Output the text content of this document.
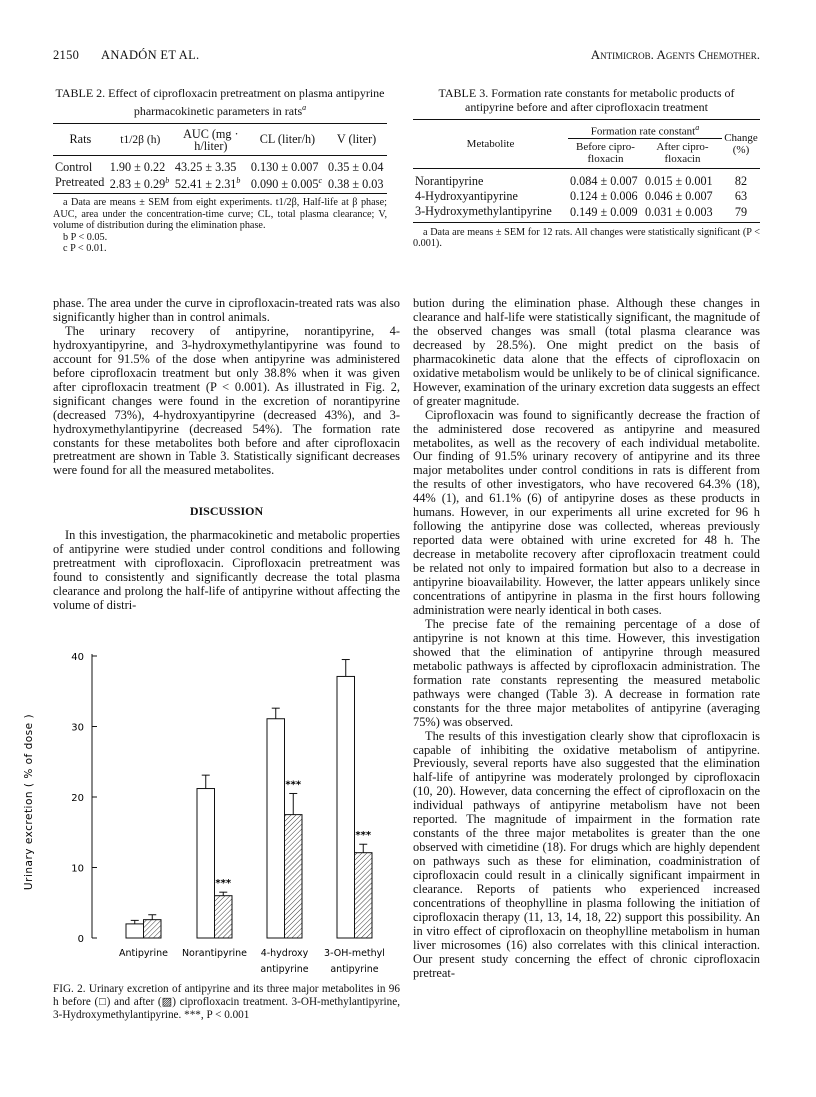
2150 ANADÓN ET AL.	Antimicrob. Agents Chemother.
TABLE 2. Effect of ciprofloxacin pretreatment on plasma antipyrine pharmacokinetic parameters in rats$^a$
Rats	t1/2β (h)	AUC (mg · h/liter)	CL (liter/h)	V (liter)
Control	1.90 ± 0.22	43.25 ± 3.35	0.130 ± 0.007	0.35 ± 0.04
Pretreated	2.83 ± 0.29$^b$	52.41 ± 2.31$^b$	0.090 ± 0.005$^c$	0.38 ± 0.03
a Data are means ± SEM from eight experiments. t1/2β, Half-life at β phase; AUC, area under the concentration-time curve; CL, total plasma clearance; V, volume of distribution during the elimination phase.
b P < 0.05.
c P < 0.01.
TABLE 3. Formation rate constants for metabolic products of antipyrine before and after ciprofloxacin treatment
Metabolite	Formation rate constant$^a$		Change (%)
	Before cipro- floxacin	After cipro- floxacin	
Norantipyrine	0.084 ± 0.007	0.015 ± 0.001	82
4-Hydroxyantipyrine	0.124 ± 0.006	0.046 ± 0.007	63
3-Hydroxymethylantipyrine	0.149 ± 0.009	0.031 ± 0.003	79
a Data are means ± SEM for 12 rats. All changes were statistically significant (P < 0.001).

phase. The area under the curve in ciprofloxacin-treated rats was also significantly higher than in control animals.

The urinary recovery of antipyrine, norantipyrine, 4-hydroxyantipyrine, and 3-hydroxymethylantipyrine was found to account for 91.5% of the dose when antipyrine was administered before ciprofloxacin treatment but only 38.8% when it was given after ciprofloxacin treatment (P < 0.001). As illustrated in Fig. 2, significant changes were found in the excretion of norantipyrine (decreased 73%), 4-hydroxyantipyrine (decreased 43%), and 3-hydroxymethylantipyrine (decreased 54%). The formation rate constants for these metabolites both before and after ciprofloxacin pretreatment are shown in Table 3. Statistically significant decreases were found for all the measured metabolites.

DISCUSSION

In this investigation, the pharmacokinetic and metabolic properties of antipyrine were studied under control conditions and following pretreatment with ciprofloxacin. Ciprofloxacin pretreatment was found to consistently and significantly decrease the total plasma clearance and prolong the half-life of antipyrine without affecting the volume of distri-

0
10
20
30
40
Urinary excretion ( % of dose )
Antipyrine
***
Norantipyrine
***
4-hydroxy
antipyrine
***
3-OH-methyl
antipyrine
FIG. 2. Urinary excretion of antipyrine and its three major metabolites in 96 h before (□) and after (▨) ciprofloxacin treatment. 3-OH-methylantipyrine, 3-Hydroxymethylantipyrine. ***, P < 0.001

bution during the elimination phase. Although these changes in clearance and half-life were statistically significant, the magnitude of the observed changes was small (total plasma clearance was decreased by 28.5%). One might predict on the basis of pharmacokinetic data alone that the effects of ciprofloxacin on oxidative metabolism would be unlikely to be of clinical significance. However, examination of the urinary excretion data suggests an effect of greater magnitude.

Ciprofloxacin was found to significantly decrease the fraction of the administered dose recovered as antipyrine and measured metabolites, as well as the recovery of each individual metabolite. Our finding of 91.5% urinary recovery of antipyrine and its three major metabolites under control conditions in rats is different from the results of other investigators, who have recovered 64.3% (18), 44% (1), and 61.1% (6) of antipyrine doses as these products in humans. However, in our experiments all urine excreted for 96 h following the antipyrine dose was collected, whereas previously reported data were obtained with urine excreted for 48 h. The decrease in metabolite recovery after ciprofloxacin treatment could be related not only to impaired formation but also to a decrease in antipyrine bioavailability. However, the latter appears unlikely since concentrations of antipyrine in plasma in the first hours following administration were nearly identical in both cases.

The precise fate of the remaining percentage of a dose of antipyrine is not known at this time. However, this investigation showed that the elimination of antipyrine through measured metabolic pathways is affected by ciprofloxacin administration. The formation rate constants representing the measured metabolic pathways were changed (Table 3). A decrease in formation rate constants for the three major metabolites of antipyrine (averaging 75%) was observed.

The results of this investigation clearly show that ciprofloxacin is capable of inhibiting the oxidative metabolism of antipyrine. Previously, several reports have also suggested that the elimination half-life of antipyrine was moderately prolonged by ciprofloxacin (10, 20). However, data concerning the effect of ciprofloxacin on the individual pathways of antipyrine metabolism have not been reported. The magnitude of impairment in the formation rate constants of the three major metabolites is greater than the one observed with cimetidine (18). For drugs which are highly dependent on pathways such as these for elimination, coadministration of ciprofloxacin could result in a clinically significant impairment in clearance. Reports of patients who experienced increased concentrations of theophylline in plasma following the initiation of ciprofloxacin therapy (11, 13, 14, 18, 22) support this possibility. An in vitro effect of ciprofloxacin on theophylline metabolism in human liver microsomes (16) also correlates with this clinical interaction. Our present study concerning the effect of chronic ciprofloxacin pretreat-
